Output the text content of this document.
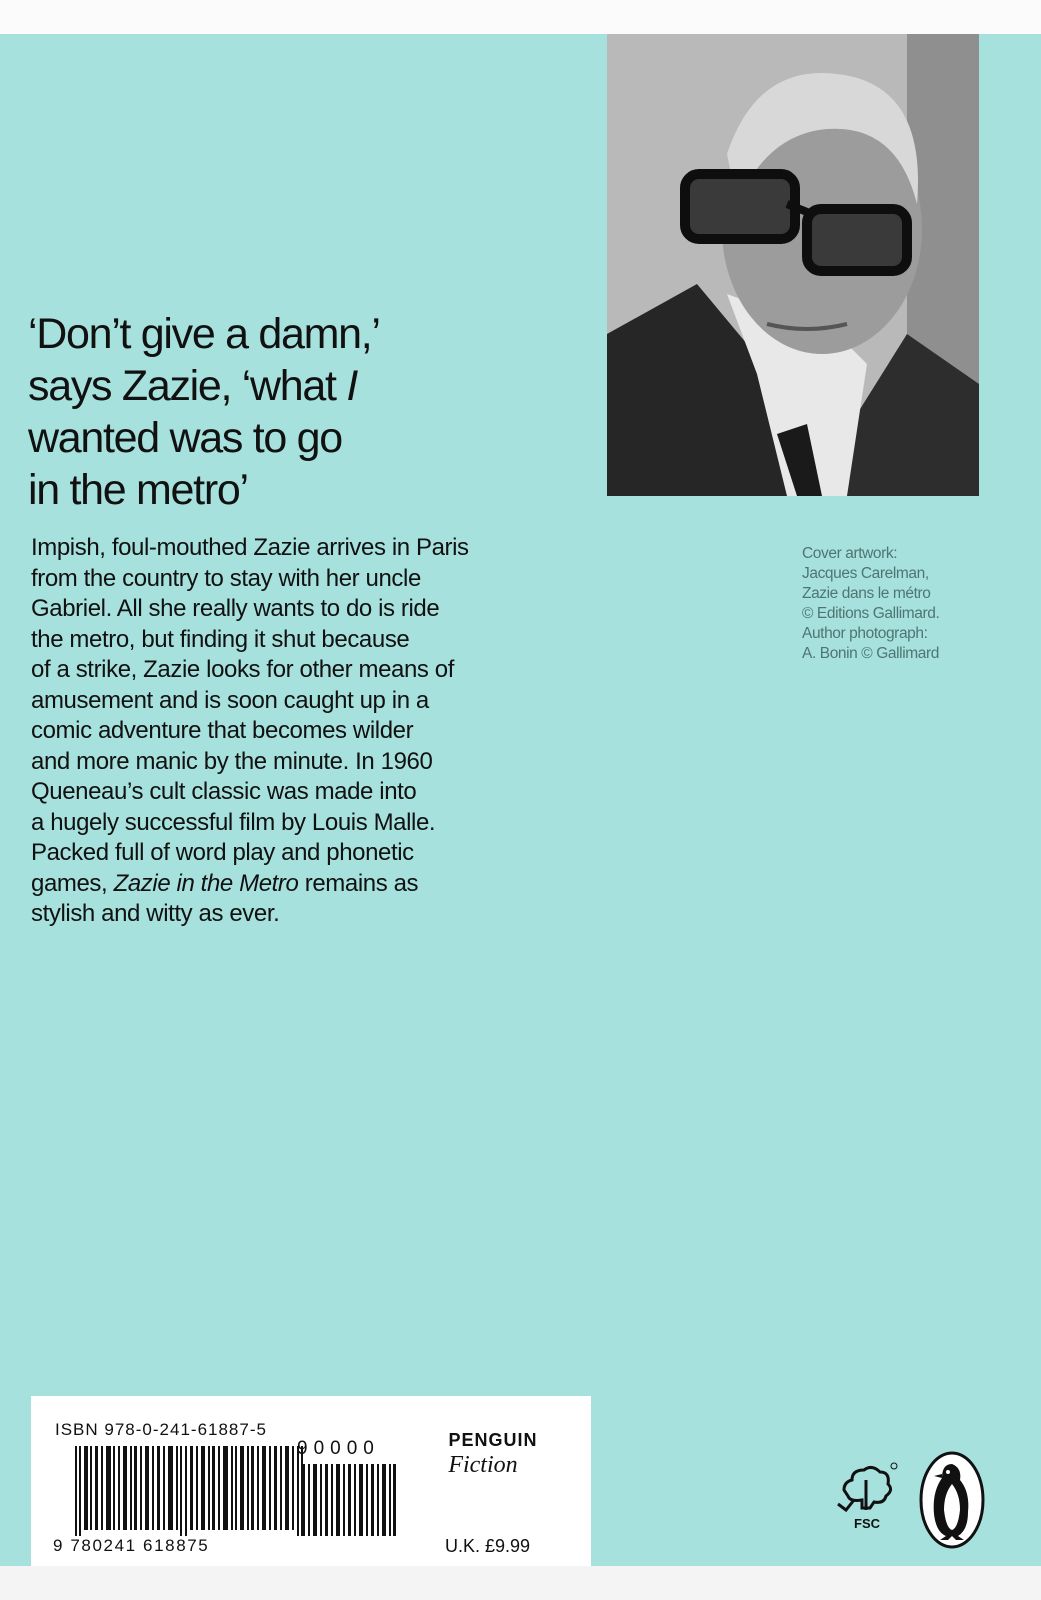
‘Don’t give a damn,’
says Zazie, ‘what I
wanted was to go
in the metro’
Impish, foul-mouthed Zazie arrives in Paris
from the country to stay with her uncle
Gabriel. All she really wants to do is ride
the metro, but finding it shut because
of a strike, Zazie looks for other means of
amusement and is soon caught up in a
comic adventure that becomes wilder
and more manic by the minute. In 1960
Queneau’s cult classic was made into
a hugely successful film by Louis Malle.
Packed full of word play and phonetic
games, Zazie in the Metro remains as
stylish and witty as ever.
Cover artwork:
Jacques Carelman,
Zazie dans le métro
© Editions Gallimard.
Author photograph:
A. Bonin © Gallimard
ISBN 978-0-241-61887-5
90000
9 780241 618875
PENGUIN
Fiction
U.K. £9.99
FSC
